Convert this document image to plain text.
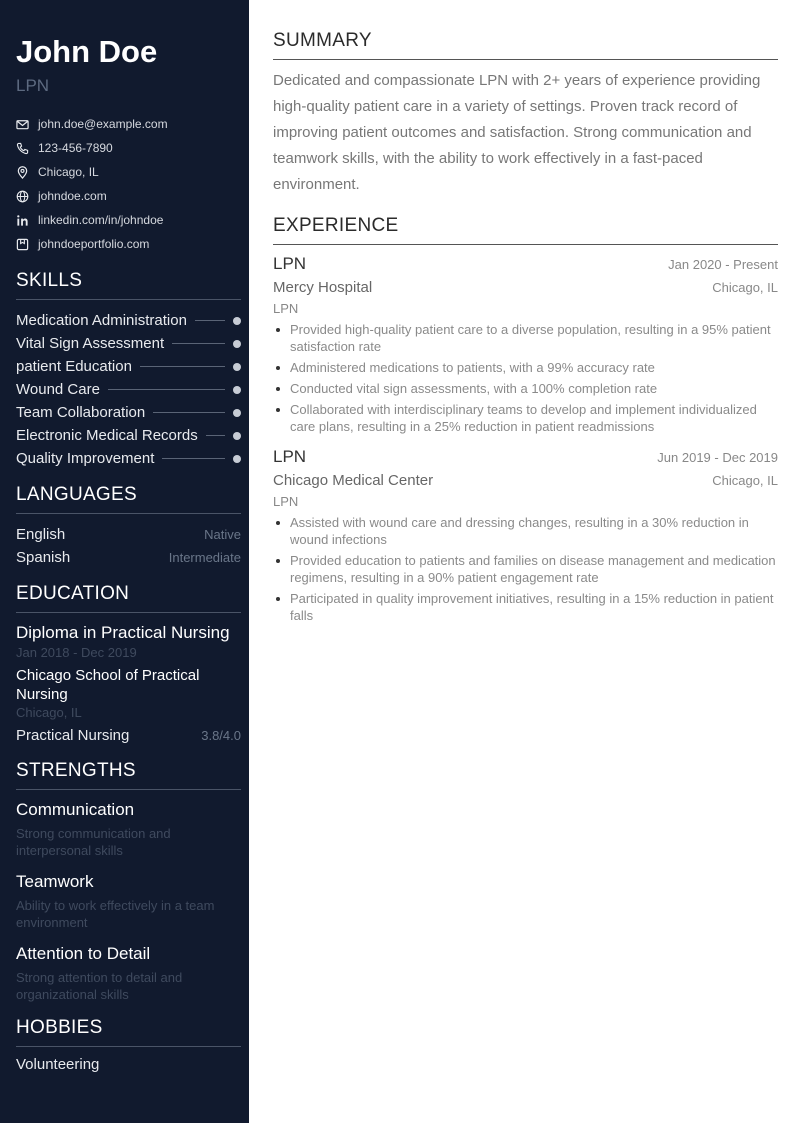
John Doe
LPN
john.doe@example.com
123-456-7890
Chicago, IL
johndoe.com
linkedin.com/in/johndoe
johndoeportfolio.com
SKILLS
Medication Administration
Vital Sign Assessment
patient Education
Wound Care
Team Collaboration
Electronic Medical Records
Quality Improvement
LANGUAGES
English	Native
Spanish	Intermediate
EDUCATION
Diploma in Practical Nursing
Jan 2018 - Dec 2019
Chicago School of Practical Nursing
Chicago, IL
Practical Nursing	3.8/4.0
STRENGTHS
Communication
Strong communication and interpersonal skills
Teamwork
Ability to work effectively in a team environment
Attention to Detail
Strong attention to detail and organizational skills
HOBBIES
Volunteering
SUMMARY
Dedicated and compassionate LPN with 2+ years of experience providing high-quality patient care in a variety of settings. Proven track record of improving patient outcomes and satisfaction. Strong communication and teamwork skills, with the ability to work effectively in a fast-paced environment.
EXPERIENCE
LPN	Jan 2020 - Present
Mercy Hospital	Chicago, IL
LPN
Provided high-quality patient care to a diverse population, resulting in a 95% patient satisfaction rate
Administered medications to patients, with a 99% accuracy rate
Conducted vital sign assessments, with a 100% completion rate
Collaborated with interdisciplinary teams to develop and implement individualized care plans, resulting in a 25% reduction in patient readmissions
LPN	Jun 2019 - Dec 2019
Chicago Medical Center	Chicago, IL
LPN
Assisted with wound care and dressing changes, resulting in a 30% reduction in wound infections
Provided education to patients and families on disease management and medication regimens, resulting in a 90% patient engagement rate
Participated in quality improvement initiatives, resulting in a 15% reduction in patient falls
